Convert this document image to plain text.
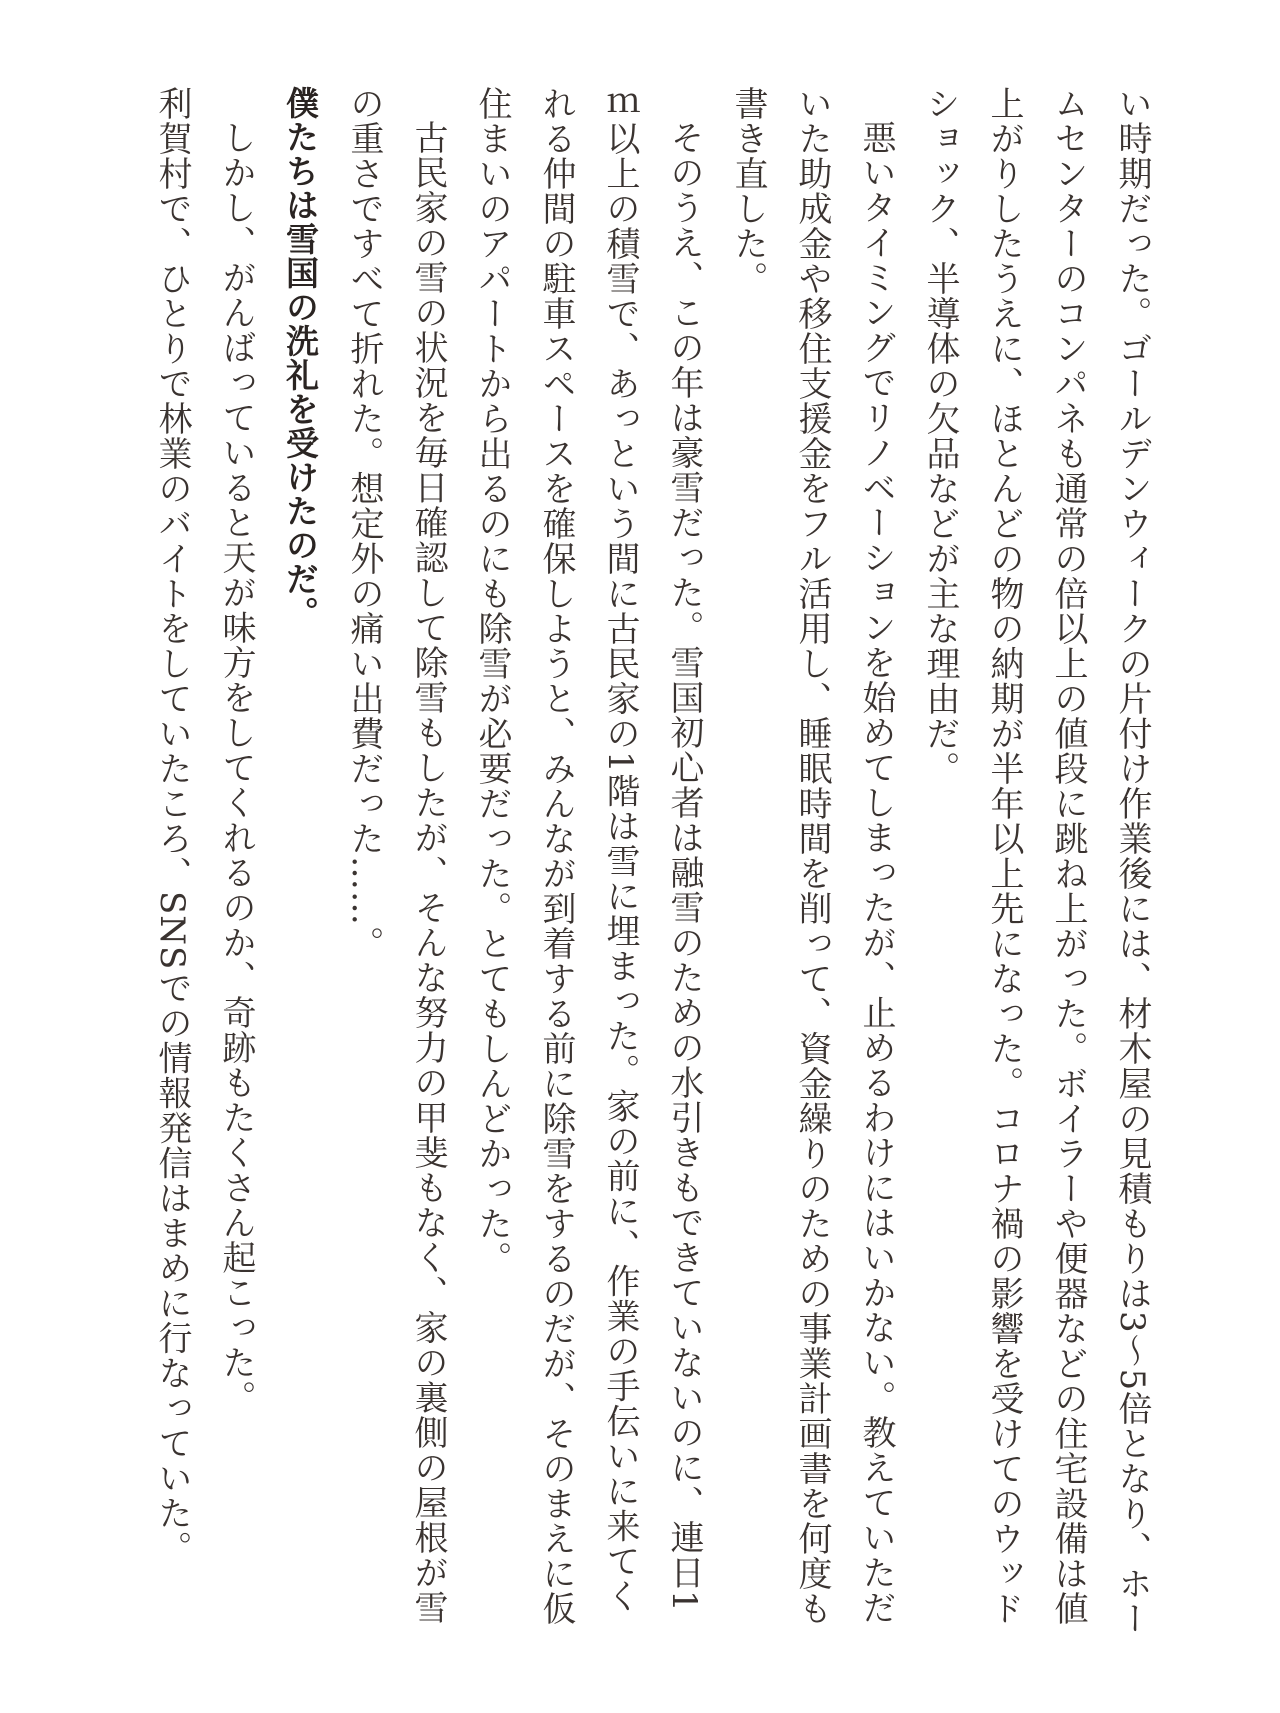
い時期だった。ゴールデンウィークの片付け作業後には、材木屋の見積もりは3〜5倍となり、ホームセンターのコンパネも通常の倍以上の値段に跳ね上がった。ボイラーや便器などの住宅設備は値上がりしたうえに、ほとんどの物の納期が半年以上先になった。コロナ禍の影響を受けてのウッドショック、半導体の欠品などが主な理由だ。

悪いタイミングでリノベーションを始めてしまったが、止めるわけにはいかない。教えていただいた助成金や移住支援金をフル活用し、睡眠時間を削って、資金繰りのための事業計画書を何度も書き直した。

そのうえ、この年は豪雪だった。雪国初心者は融雪のための水引きもできていないのに、連日1ｍ以上の積雪で、あっという間に古民家の1階は雪に埋まった。家の前に、作業の手伝いに来てくれる仲間の駐車スペースを確保しようと、みんなが到着する前に除雪をするのだが、そのまえに仮住まいのアパートから出るのにも除雪が必要だった。とてもしんどかった。

古民家の雪の状況を毎日確認して除雪もしたが、そんな努力の甲斐もなく、家の裏側の屋根が雪の重さですべて折れた。想定外の痛い出費だった……。

僕たちは雪国の洗礼を受けたのだ。

しかし、がんばっていると天が味方をしてくれるのか、奇跡もたくさん起こった。

利賀村で、ひとりで林業のバイトをしていたころ、SNSでの情報発信はまめに行なっていた。
